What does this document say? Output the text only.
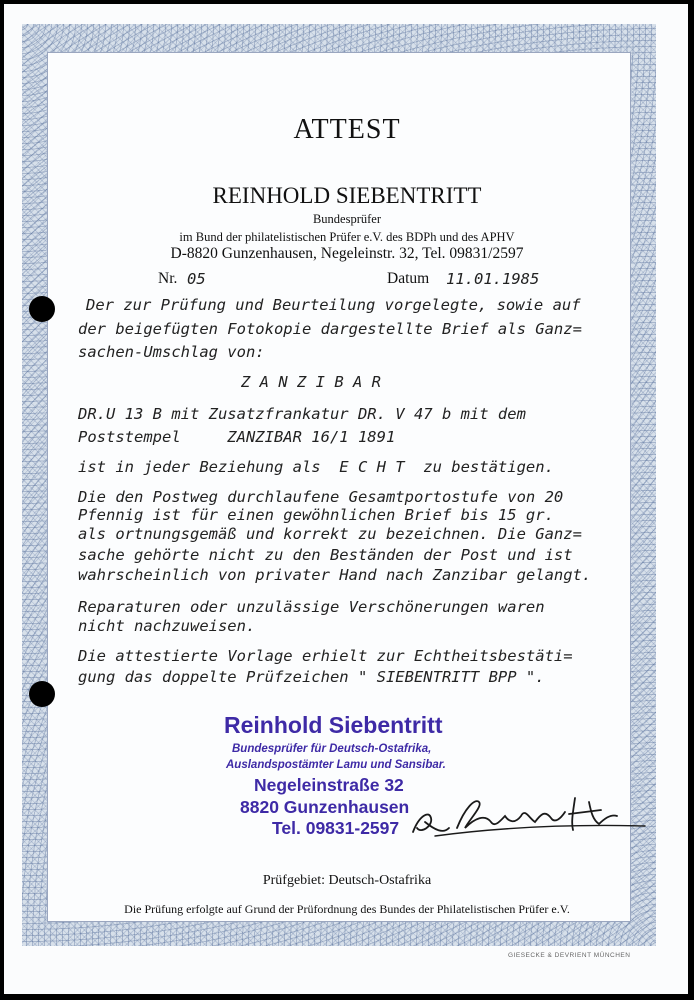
ATTEST
REINHOLD SIEBENTRITT
Bundesprüfer
im Bund der philatelistischen Prüfer e.V. des BDPh und des APHV
D-8820 Gunzenhausen, Negeleinstr. 32, Tel. 09831/2597
Nr. 05	Datum 11.01.1985
Der zur Prüfung und Beurteilung vorgelegte, sowie auf
der beigefügten Fotokopie dargestellte Brief als Ganz=
sachen-Umschlag von:
Z A N Z I B A R
DR.U 13 B mit Zusatzfrankatur DR. V 47 b mit dem
Poststempel     ZANZIBAR 16/1 1891
ist in jeder Beziehung als  E C H T  zu bestätigen.
Die den Postweg durchlaufene Gesamtportostufe von 20
Pfennig ist für einen gewöhnlichen Brief bis 15 gr.
als ortnungsgemäß und korrekt zu bezeichnen. Die Ganz=
sache gehörte nicht zu den Beständen der Post und ist
wahrscheinlich von privater Hand nach Zanzibar gelangt.
Reparaturen oder unzulässige Verschönerungen waren
nicht nachzuweisen.
Die attestierte Vorlage erhielt zur Echtheitsbestäti=
gung das doppelte Prüfzeichen " SIEBENTRITT BPP ".
Reinhold Siebentritt
Bundesprüfer für Deutsch-Ostafrika,
Auslandspostämter Lamu und Sansibar.
Negeleinstraße 32
8820 Gunzenhausen
Tel. 09831-2597
Prüfgebiet: Deutsch-Ostafrika
Die Prüfung erfolgte auf Grund der Prüfordnung des Bundes der Philatelistischen Prüfer e.V.
GIESECKE & DEVRIENT MÜNCHEN
